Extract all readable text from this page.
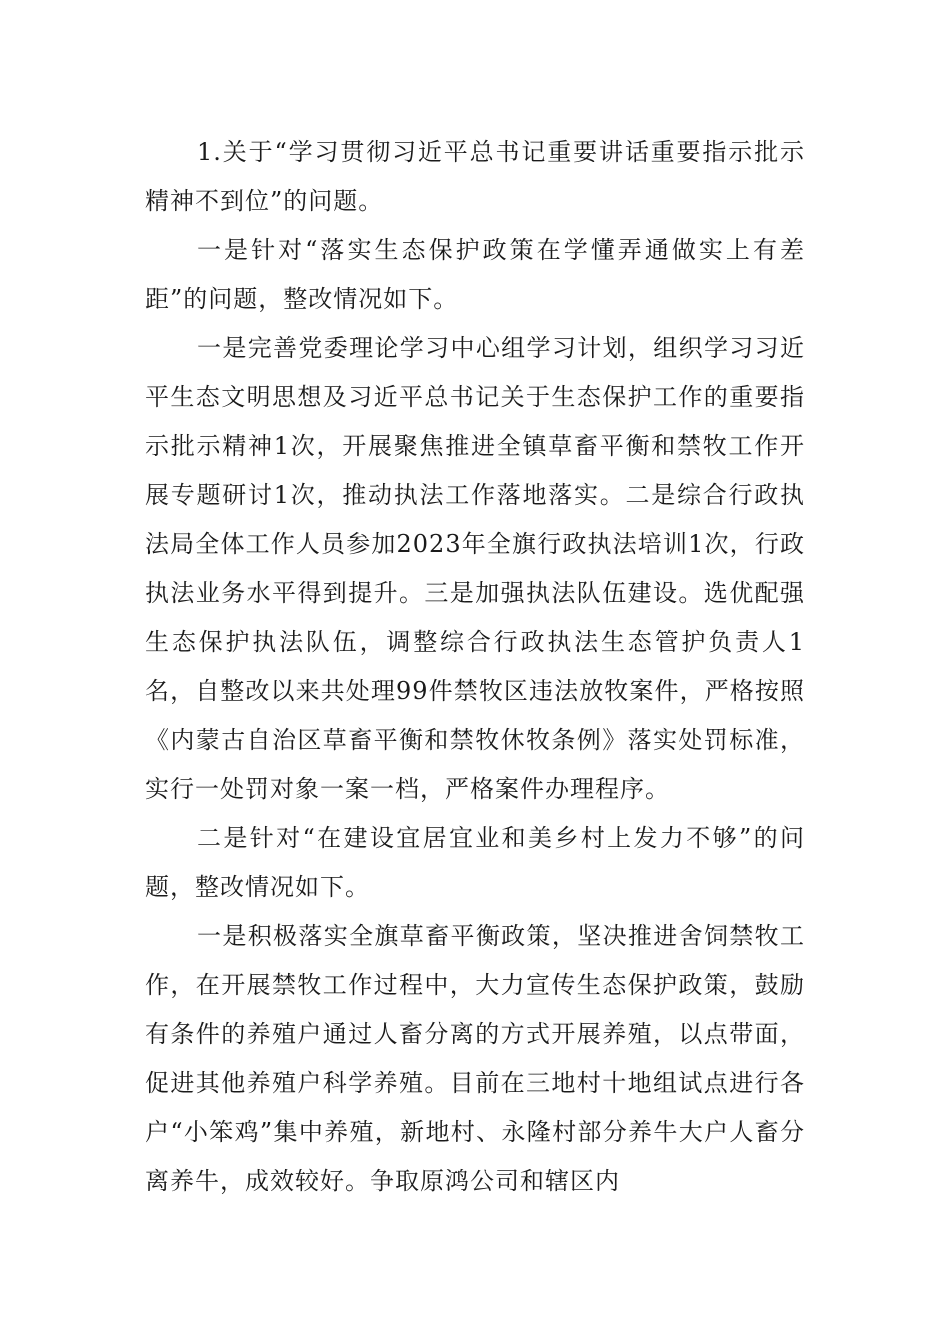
1.关于“学习贯彻习近平总书记重要讲话重要指示批示精神不到位”的问题。

一是针对“落实生态保护政策在学懂弄通做实上有差距”的问题，整改情况如下。

一是完善党委理论学习中心组学习计划，组织学习习近平生态文明思想及习近平总书记关于生态保护工作的重要指示批示精神1次，开展聚焦推进全镇草畜平衡和禁牧工作开展专题研讨1次，推动执法工作落地落实。二是综合行政执法局全体工作人员参加2023年全旗行政执法培训1次，行政执法业务水平得到提升。三是加强执法队伍建设。选优配强生态保护执法队伍，调整综合行政执法生态管护负责人1名，自整改以来共处理99件禁牧区违法放牧案件，严格按照《内蒙古自治区草畜平衡和禁牧休牧条例》落实处罚标准，实行一处罚对象一案一档，严格案件办理程序。

二是针对“在建设宜居宜业和美乡村上发力不够”的问题，整改情况如下。

一是积极落实全旗草畜平衡政策，坚决推进舍饲禁牧工作，在开展禁牧工作过程中，大力宣传生态保护政策，鼓励有条件的养殖户通过人畜分离的方式开展养殖，以点带面，促进其他养殖户科学养殖。目前在三地村十地组试点进行各户“小笨鸡”集中养殖，新地村、永隆村部分养牛大户人畜分离养牛，成效较好。争取原鸿公司和辖区内
